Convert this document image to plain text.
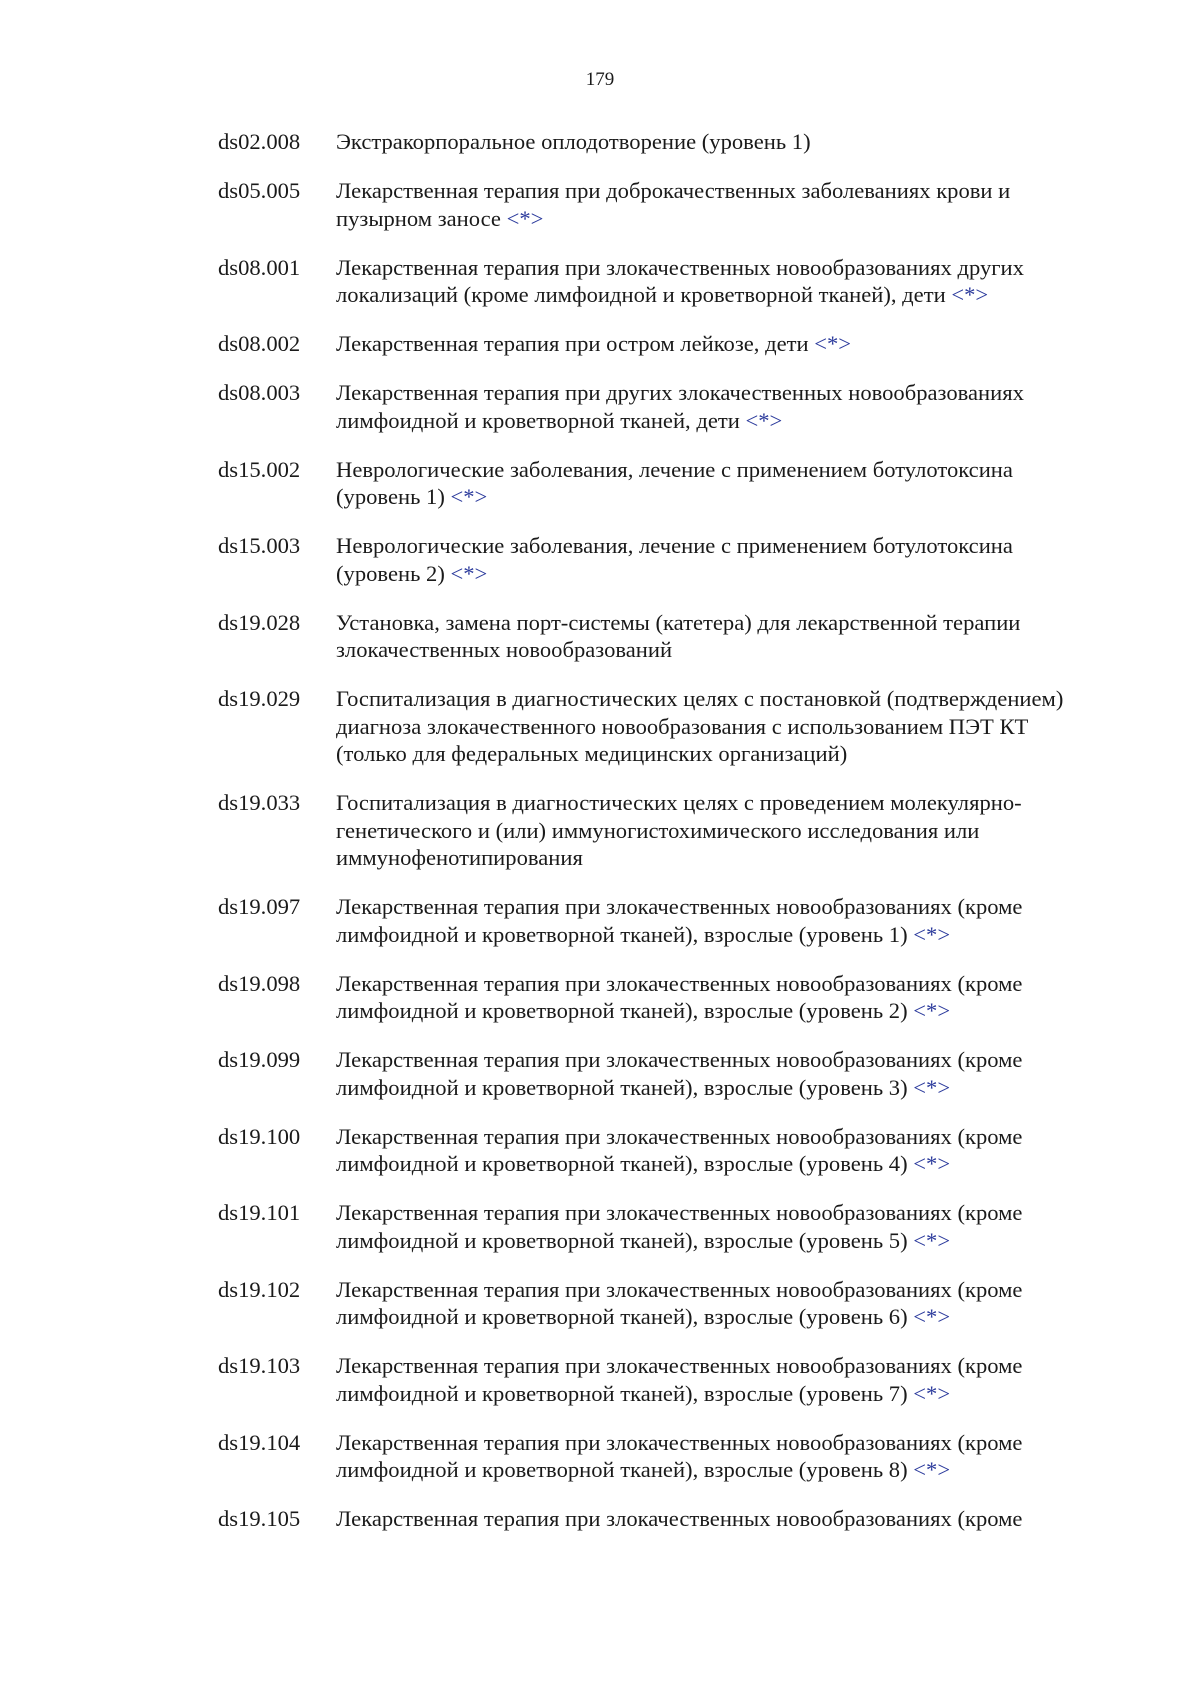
179
ds02.008	Экстракорпоральное оплодотворение (уровень 1)
ds05.005	Лекарственная терапия при доброкачественных заболеваниях крови и пузырном заносе <*>
ds08.001	Лекарственная терапия при злокачественных новообразованиях других локализаций (кроме лимфоидной и кроветворной тканей), дети <*>
ds08.002	Лекарственная терапия при остром лейкозе, дети <*>
ds08.003	Лекарственная терапия при других злокачественных новообразованиях лимфоидной и кроветворной тканей, дети <*>
ds15.002	Неврологические заболевания, лечение с применением ботулотоксина (уровень 1) <*>
ds15.003	Неврологические заболевания, лечение с применением ботулотоксина (уровень 2) <*>
ds19.028	Установка, замена порт-системы (катетера) для лекарственной терапии злокачественных новообразований
ds19.029	Госпитализация в диагностических целях с постановкой (подтверждением) диагноза злокачественного новообразования с использованием ПЭТ КТ (только для федеральных медицинских организаций)
ds19.033	Госпитализация в диагностических целях с проведением молекулярно-генетического и (или) иммуногистохимического исследования или иммунофенотипирования
ds19.097	Лекарственная терапия при злокачественных новообразованиях (кроме лимфоидной и кроветворной тканей), взрослые (уровень 1) <*>
ds19.098	Лекарственная терапия при злокачественных новообразованиях (кроме лимфоидной и кроветворной тканей), взрослые (уровень 2) <*>
ds19.099	Лекарственная терапия при злокачественных новообразованиях (кроме лимфоидной и кроветворной тканей), взрослые (уровень 3) <*>
ds19.100	Лекарственная терапия при злокачественных новообразованиях (кроме лимфоидной и кроветворной тканей), взрослые (уровень 4) <*>
ds19.101	Лекарственная терапия при злокачественных новообразованиях (кроме лимфоидной и кроветворной тканей), взрослые (уровень 5) <*>
ds19.102	Лекарственная терапия при злокачественных новообразованиях (кроме лимфоидной и кроветворной тканей), взрослые (уровень 6) <*>
ds19.103	Лекарственная терапия при злокачественных новообразованиях (кроме лимфоидной и кроветворной тканей), взрослые (уровень 7) <*>
ds19.104	Лекарственная терапия при злокачественных новообразованиях (кроме лимфоидной и кроветворной тканей), взрослые (уровень 8) <*>
ds19.105	Лекарственная терапия при злокачественных новообразованиях (кроме
